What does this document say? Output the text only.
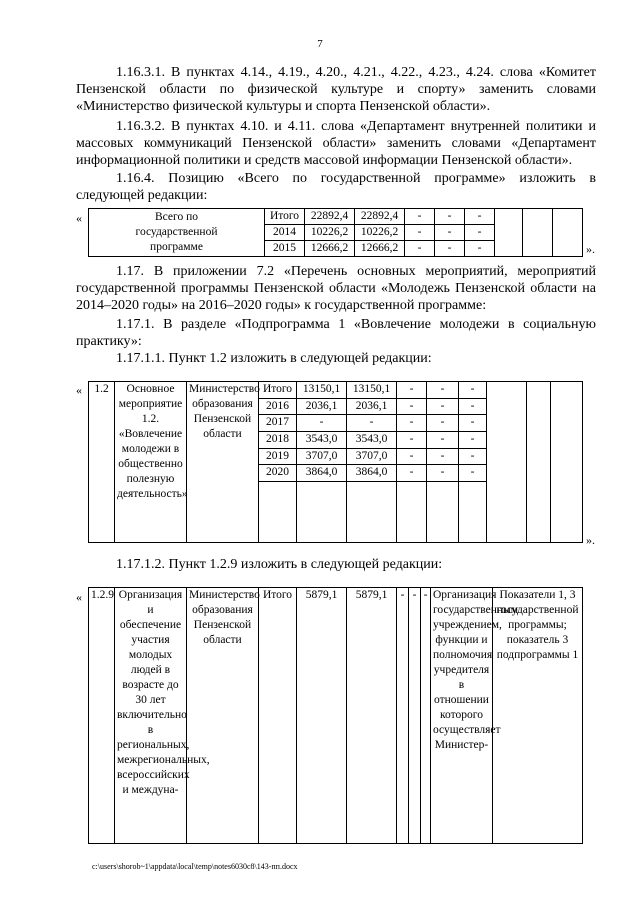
7
1.16.3.1. В пунктах 4.14., 4.19., 4.20., 4.21., 4.22., 4.23., 4.24. слова «Комитет Пензенской области по физической культуре и спорту» заменить словами «Министерство физической культуры и спорта Пензенской области».
1.16.3.2. В пунктах 4.10. и 4.11. слова «Департамент внутренней политики и массовых коммуникаций Пензенской области» заменить словами «Департамент информационной политики и средств массовой информации Пензенской области».
1.16.4. Позицию «Всего по государственной программе» изложить в следующей редакции:
«	Всего по государственной программе	Итого	22892,4	22892,4	-	-	-			
	2014	10226,2	10226,2	-	-	-			
	2015	12666,2	12666,2	-	-	-				».
1.17. В приложении 7.2 «Перечень основных мероприятий, мероприятий государственной программы Пензенской области «Молодежь Пензенской области на 2014–2020 годы» на 2016–2020 годы» к государственной программе:
1.17.1. В разделе «Подпрограмма 1 «Вовлечение молодежи в социальную практику»:
1.17.1.1. Пункт 1.2 изложить в следующей редакции:
« 1.2	Основное мероприятие 1.2. «Вовлечение молодежи в общественно полезную деятельность»	Министерство образования Пензенской области	Итого	13150,1	13150,1	-	-	-			
			2016	2036,1	2036,1	-	-	-			
			2017	-	-	-	-	-			
			2018	3543,0	3543,0	-	-	-			
			2019	3707,0	3707,0	-	-	-			
			2020	3864,0	3864,0	-	-	-			

».
1.17.1.2. Пункт 1.2.9 изложить в следующей редакции:
« 1.2.9	Организация и обеспечение участия молодых людей в возрасте до 30 лет включительно в региональных, межрегиональных, всероссийских и междуна-	Министерство образования Пензенской области	Итого	5879,1	5879,1	-	-	-	Организация государственным учреждением, функции и полномочия учредителя в отношении которого осуществляет Министер-	Показатели 1, 3 государственной программы; показатель 3 подпрограммы 1
c:\users\shorob~1\appdata\local\temp\notes6030c8\143-пп.docx
